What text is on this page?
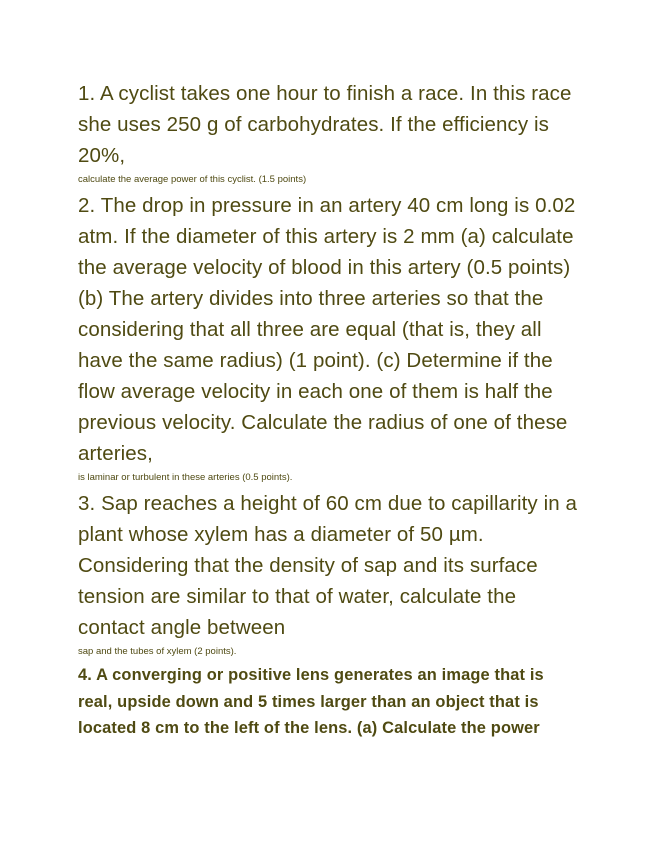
1. A cyclist takes one hour to finish a race. In this race she uses 250 g of carbohydrates. If the efficiency is 20%,

calculate the average power of this cyclist. (1.5 points)

2. The drop in pressure in an artery 40 cm long is 0.02 atm. If the diameter of this artery is 2 mm (a) calculate the average velocity of blood in this artery (0.5 points) (b) The artery divides into three arteries so that the considering that all three are equal (that is, they all have the same radius) (1 point). (c) Determine if the flow average velocity in each one of them is half the previous velocity. Calculate the radius of one of these arteries,

is laminar or turbulent in these arteries (0.5 points).

3. Sap reaches a height of 60 cm due to capillarity in a plant whose xylem has a diameter of 50 µm. Considering that the density of sap and its surface tension are similar to that of water, calculate the contact angle between

sap and the tubes of xylem (2 points).

4. A converging or positive lens generates an image that is real, upside down and 5 times larger than an object that is located 8 cm to the left of the lens. (a) Calculate the power
